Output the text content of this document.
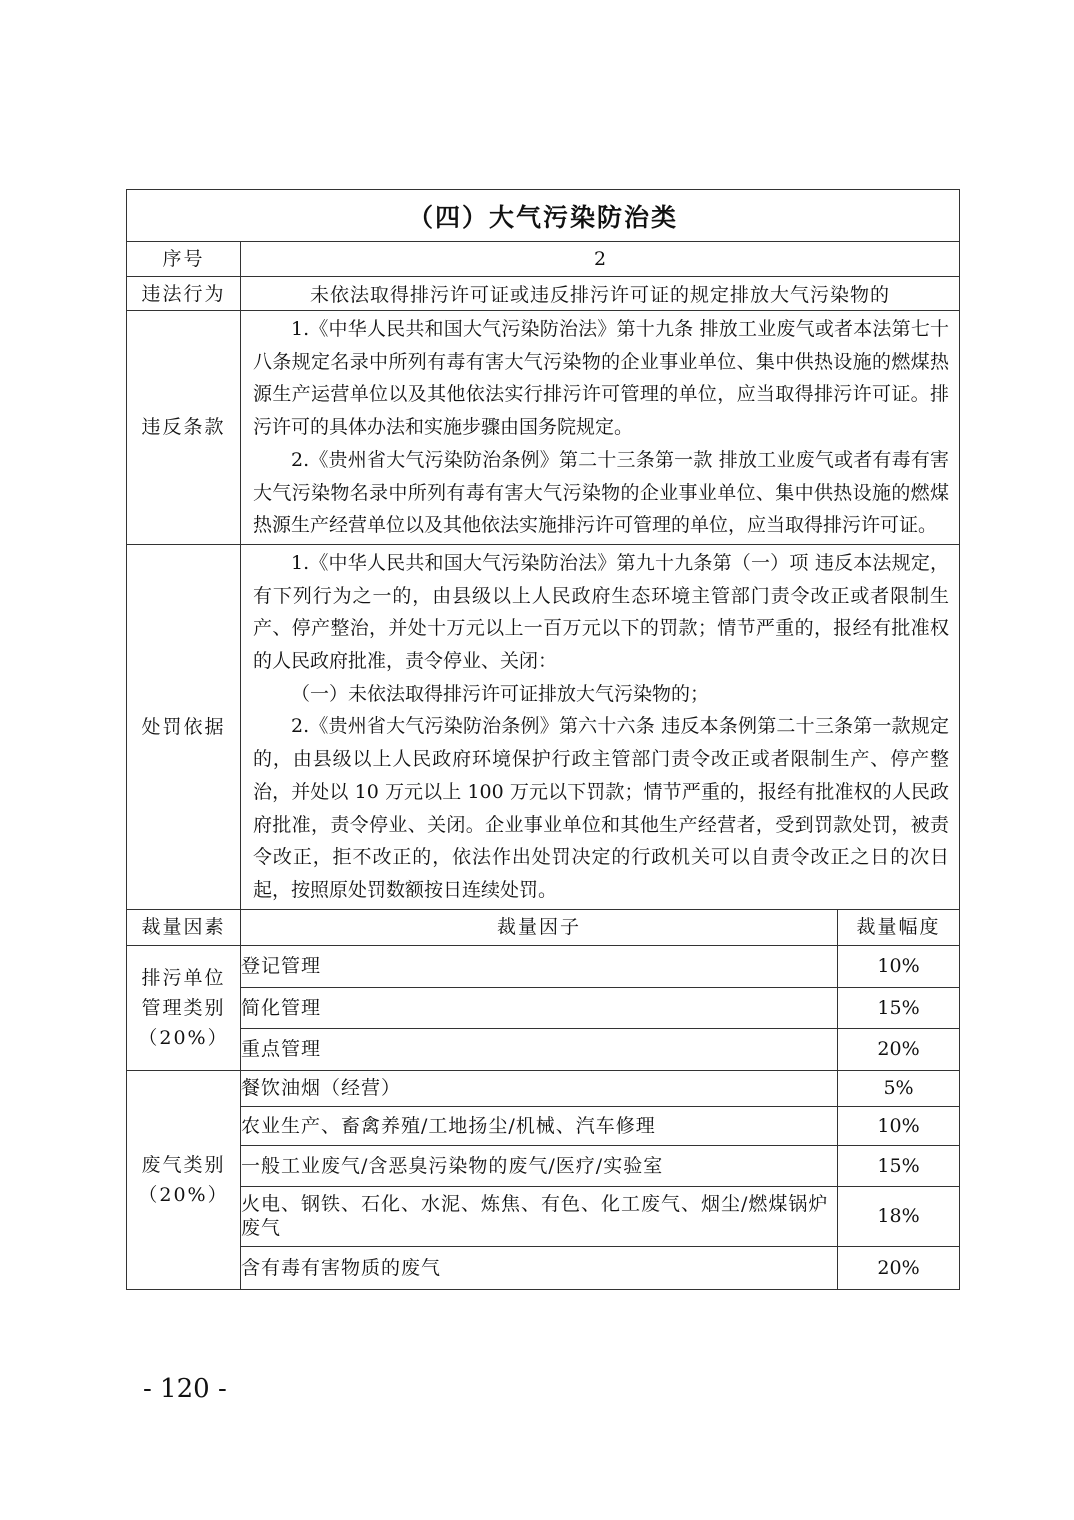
（四）大气污染防治类		
序号	2	
违法行为	未依法取得排污许可证或违反排污许可证的规定排放大气污染物的	
违反条款	1.《中华人民共和国大气污染防治法》第十九条 排放工业废气或者本法第七十八条规定名录中所列有毒有害大气污染物的企业事业单位、集中供热设施的燃煤热源生产运营单位以及其他依法实行排污许可管理的单位，应当取得排污许可证。排污许可的具体办法和实施步骤由国务院规定。

2.《贵州省大气污染防治条例》第二十三条第一款 排放工业废气或者有毒有害大气污染物名录中所列有毒有害大气污染物的企业事业单位、集中供热设施的燃煤热源生产经营单位以及其他依法实施排污许可管理的单位，应当取得排污许可证。	

处罚依据	1.《中华人民共和国大气污染防治法》第九十九条第（一）项 违反本法规定，有下列行为之一的，由县级以上人民政府生态环境主管部门责令改正或者限制生产、停产整治，并处十万元以上一百万元以下的罚款；情节严重的，报经有批准权的人民政府批准，责令停业、关闭：

（一）未依法取得排污许可证排放大气污染物的；

2.《贵州省大气污染防治条例》第六十六条 违反本条例第二十三条第一款规定的，由县级以上人民政府环境保护行政主管部门责令改正或者限制生产、停产整治，并处以 10 万元以上 100 万元以下罚款；情节严重的，报经有批准权的人民政府批准，责令停业、关闭。企业事业单位和其他生产经营者，受到罚款处罚，被责令改正，拒不改正的，依法作出处罚决定的行政机关可以自责令改正之日的次日起，按照原处罚数额按日连续处罚。	

裁量因素	裁量因子	裁量幅度

排污单位
管理类别
（20%）	登记管理	10%
	简化管理	15%
	重点管理	20%

废气类别
（20%）	餐饮油烟（经营）	5%
	农业生产、畜禽养殖/工地扬尘/机械、汽车修理	10%
	一般工业废气/含恶臭污染物的废气/医疗/实验室	15%
	火电、钢铁、石化、水泥、炼焦、有色、化工废气、烟尘/燃煤锅炉废气	18%
	含有毒有害物质的废气	20%
- 120 -
